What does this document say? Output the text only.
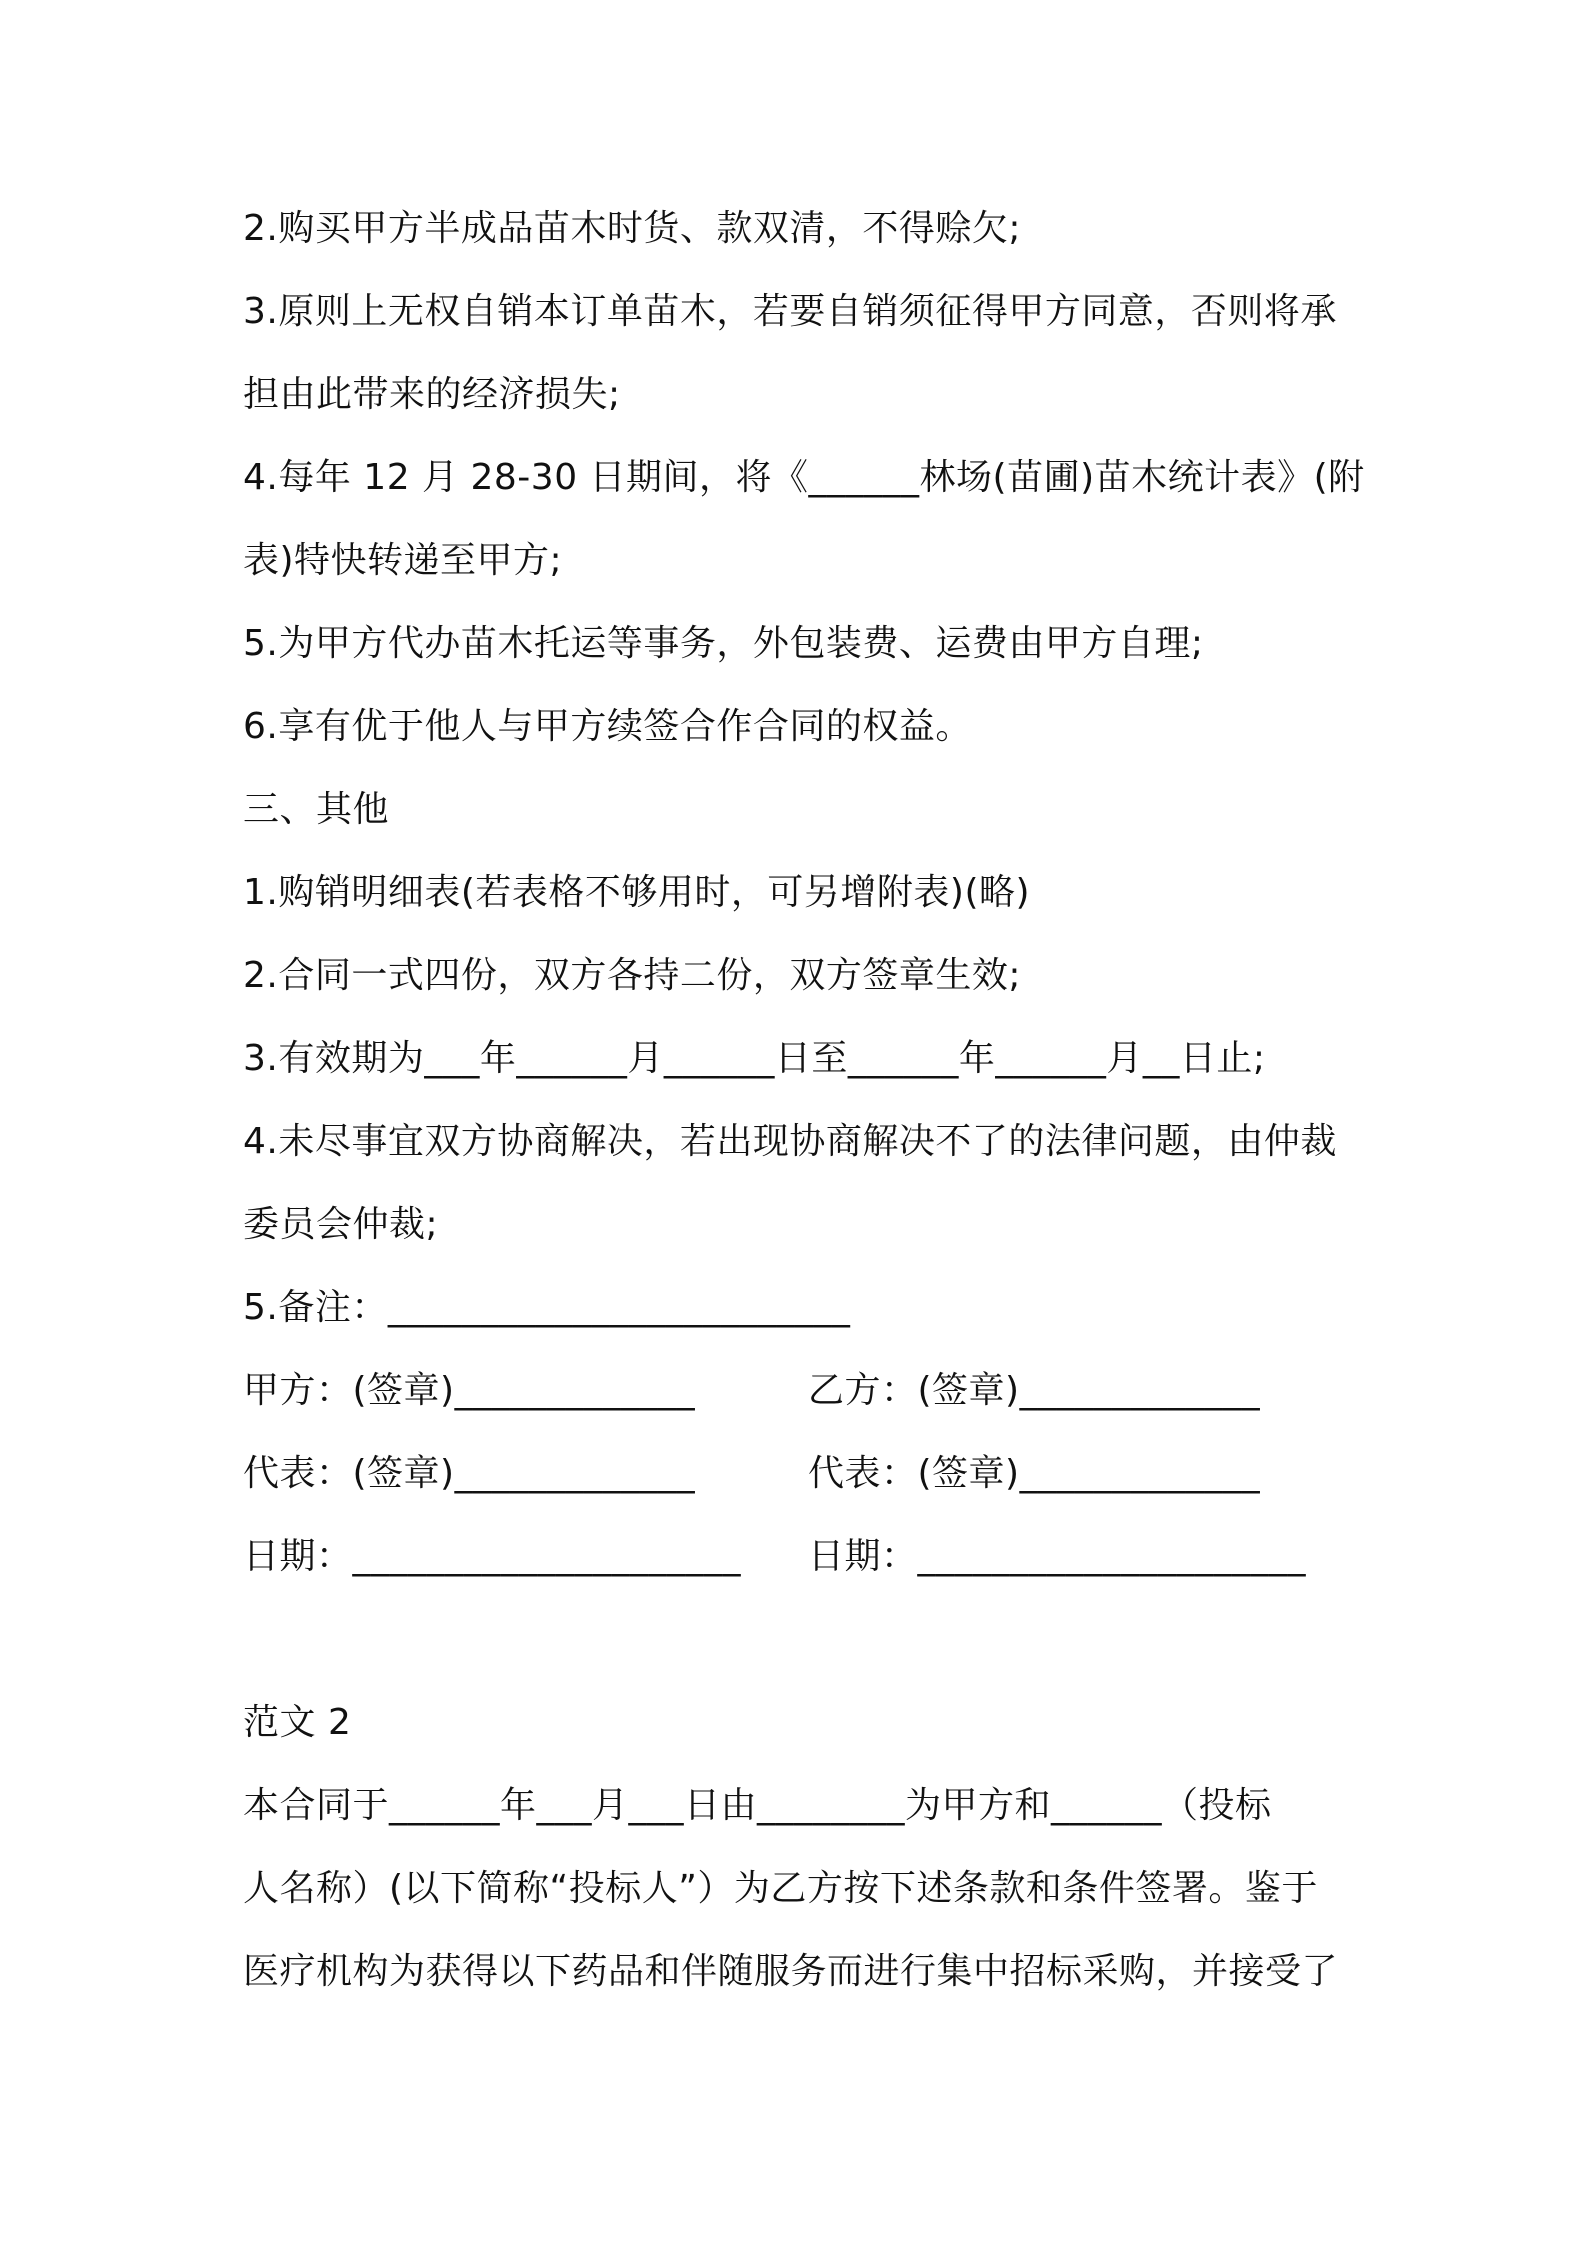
2.购买甲方半成品苗木时货、款双清，不得赊欠;
3.原则上无权自销本订单苗木，若要自销须征得甲方同意，否则将承
担由此带来的经济损失;
4.每年 12 月 28-30 日期间，将《______林场(苗圃)苗木统计表》(附
表)特快转递至甲方;
5.为甲方代办苗木托运等事务，外包装费、运费由甲方自理;
6.享有优于他人与甲方续签合作合同的权益。
三、其他
1.购销明细表(若表格不够用时，可另增附表)(略)
2.合同一式四份，双方各持二份，双方签章生效;
3.有效期为___年______月______日至______年______月__日止;
4.未尽事宜双方协商解决，若出现协商解决不了的法律问题，由仲裁
委员会仲裁;
5.备注：_________________________
甲方：(签章)_____________	乙方：(签章)_____________
代表：(签章)_____________	代表：(签章)_____________
日期：_____________________ 日期：_____________________
范文 2
本合同于______年___月___日由________为甲方和______（投标
人名称）(以下简称“投标人”）为乙方按下述条款和条件签署。鉴于
医疗机构为获得以下药品和伴随服务而进行集中招标采购，并接受了
